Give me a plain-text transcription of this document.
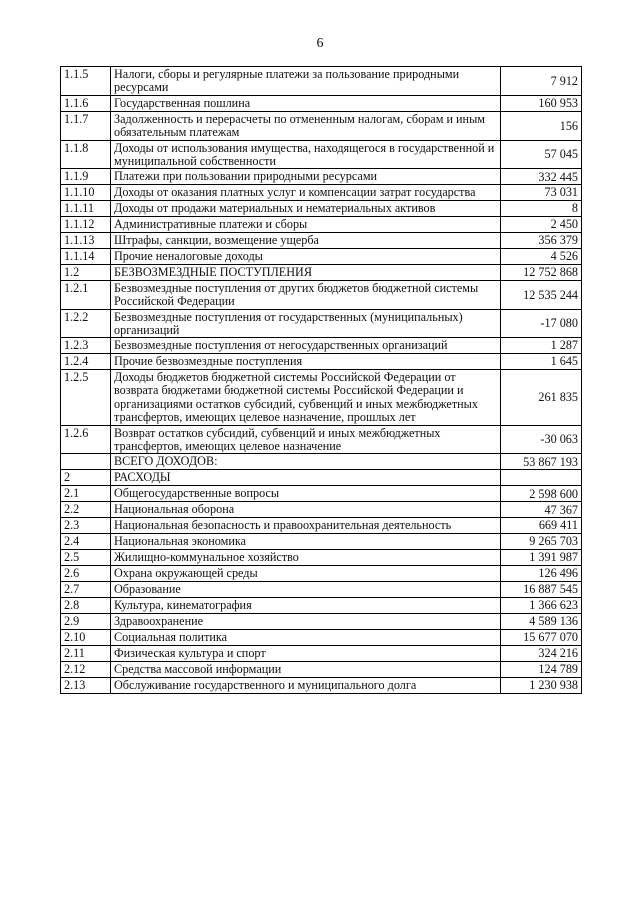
6
1.1.5	Налоги, сборы и регулярные платежи за пользование природными ресурсами	7 912
1.1.6	Государственная пошлина	160 953
1.1.7	Задолженность и перерасчеты по отмененным налогам, сборам и иным обязательным платежам	156
1.1.8	Доходы от использования имущества, находящегося в государственной и муниципальной собственности	57 045
1.1.9	Платежи при пользовании природными ресурсами	332 445
1.1.10	Доходы от оказания платных услуг и компенсации затрат государства	73 031
1.1.11	Доходы от продажи материальных и нематериальных активов	8
1.1.12	Административные платежи и сборы	2 450
1.1.13	Штрафы, санкции, возмещение ущерба	356 379
1.1.14	Прочие неналоговые доходы	4 526
1.2	БЕЗВОЗМЕЗДНЫЕ ПОСТУПЛЕНИЯ	12 752 868
1.2.1	Безвозмездные поступления от других бюджетов бюджетной системы Российской Федерации	12 535 244
1.2.2	Безвозмездные поступления от государственных (муниципальных) организаций	-17 080
1.2.3	Безвозмездные поступления от негосударственных организаций	1 287
1.2.4	Прочие безвозмездные поступления	1 645
1.2.5	Доходы бюджетов бюджетной системы Российской Федерации от возврата бюджетами бюджетной системы Российской Федерации и организациями остатков субсидий, субвенций и иных межбюджетных трансфертов, имеющих целевое назначение, прошлых лет	261 835
1.2.6	Возврат остатков субсидий, субвенций и иных межбюджетных трансфертов, имеющих целевое назначение	-30 063
	ВСЕГО ДОХОДОВ:	53 867 193
2	РАСХОДЫ	
2.1	Общегосударственные вопросы	2 598 600
2.2	Национальная оборона	47 367
2.3	Национальная безопасность и правоохранительная деятельность	669 411
2.4	Национальная экономика	9 265 703
2.5	Жилищно-коммунальное хозяйство	1 391 987
2.6	Охрана окружающей среды	126 496
2.7	Образование	16 887 545
2.8	Культура, кинематография	1 366 623
2.9	Здравоохранение	4 589 136
2.10	Социальная политика	15 677 070
2.11	Физическая культура и спорт	324 216
2.12	Средства массовой информации	124 789
2.13	Обслуживание государственного и муниципального долга	1 230 938
